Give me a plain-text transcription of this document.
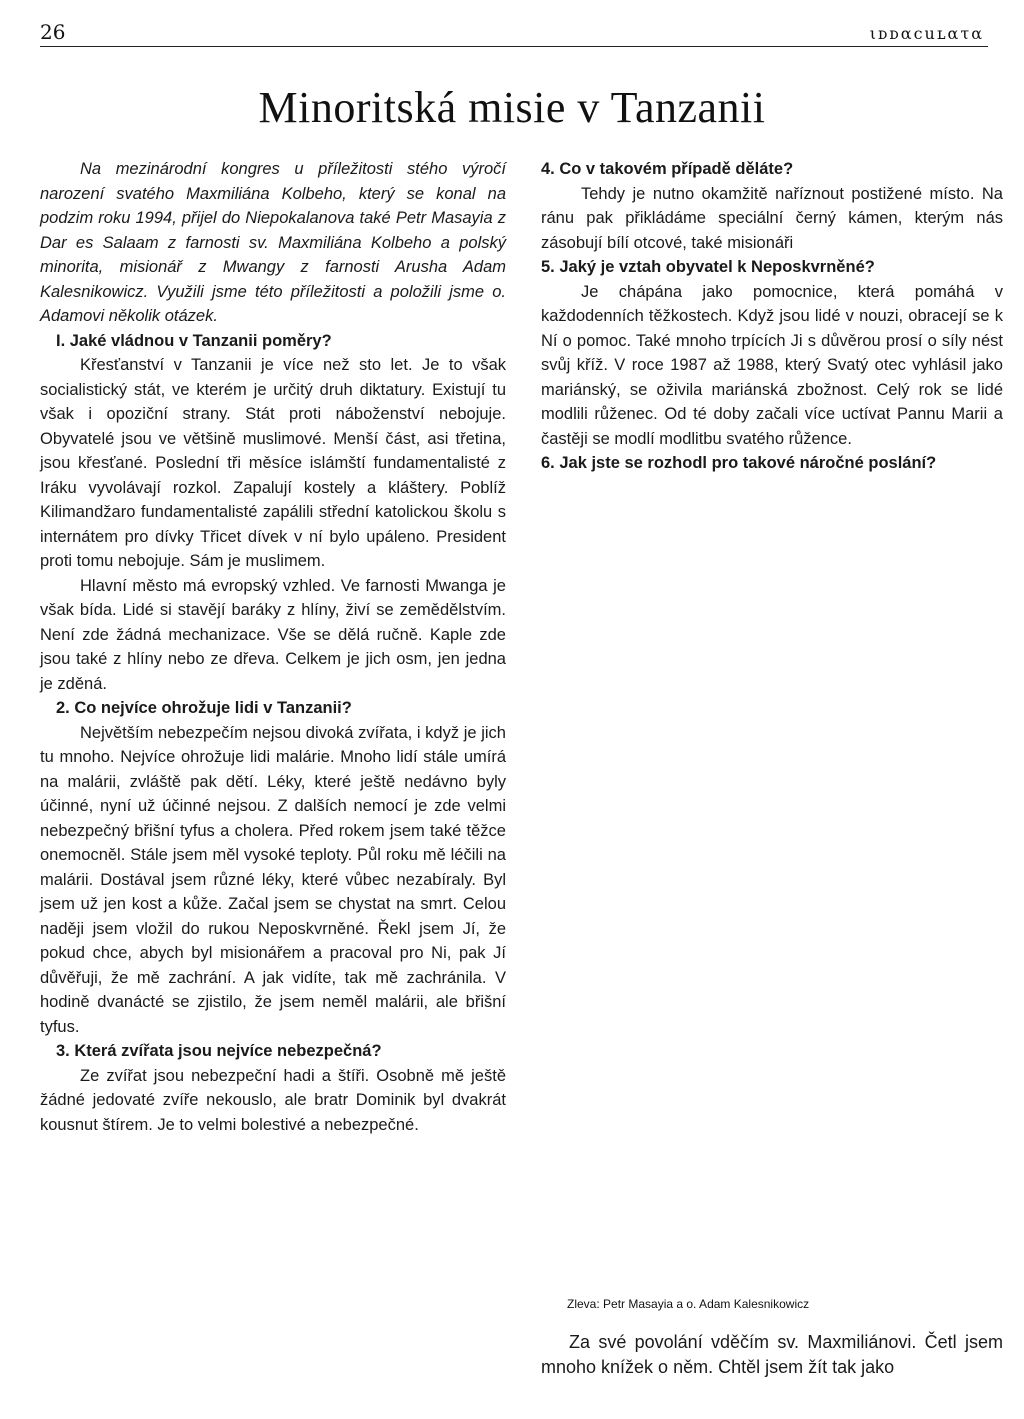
26	ιᴅᴅαcuʟατα
Minoritská misie v Tanzanii

Na mezinárodní kongres u příležitosti stého výročí narození svatého Maxmiliána Kolbeho, který se konal na podzim roku 1994, přijel do Niepokalanova také Petr Masayia z Dar es Salaam z farnosti sv. Maxmiliána Kolbeho a polský minorita, misionář z Mwangy z farnosti Arusha Adam Kalesnikowicz. Využili jsme této příležitosti a položili jsme o. Adamovi několik otázek.

I. Jaké vládnou v Tanzanii poměry?

Křesťanství v Tanzanii je více než sto let. Je to však socialistický stát, ve kterém je určitý druh diktatury. Existují tu však i opoziční strany. Stát proti náboženství nebojuje. Obyvatelé jsou ve většině muslimové. Menší část, asi třetina, jsou křesťané. Poslední tři měsíce islámští fundamentalisté z Iráku vyvolávají rozkol. Zapalují kostely a kláštery. Poblíž Kilimandžaro fundamentalisté zapálili střední katolickou školu s internátem pro dívky Třicet dívek v ní bylo upáleno. President proti tomu nebojuje. Sám je muslimem.

Hlavní město má evropský vzhled. Ve farnosti Mwanga je však bída. Lidé si stavějí baráky z hlíny, živí se zemědělstvím. Není zde žádná mechanizace. Vše se dělá ručně. Kaple zde jsou také z hlíny nebo ze dřeva. Celkem je jich osm, jen jedna je zděná.

2. Co nejvíce ohrožuje lidi v Tanzanii?

Největším nebezpečím nejsou divoká zvířata, i když je jich tu mnoho. Nejvíce ohrožuje lidi malárie. Mnoho lidí stále umírá na malárii, zvláště pak dětí. Léky, které ještě nedávno byly účinné, nyní už účinné nejsou. Z dalších nemocí je zde velmi nebezpečný břišní tyfus a cholera. Před rokem jsem také těžce onemocněl. Stále jsem měl vysoké teploty. Půl roku mě léčili na malárii. Dostával jsem různé léky, které vůbec nezabíraly. Byl jsem už jen kost a kůže. Začal jsem se chystat na smrt. Celou naději jsem vložil do rukou Neposkvrněné. Řekl jsem Jí, že pokud chce, abych byl misionářem a pracoval pro Ni, pak Jí důvěřuji, že mě zachrání. A jak vidíte, tak mě zachránila. V hodině dvanácté se zjistilo, že jsem neměl malárii, ale břišní tyfus.

3. Která zvířata jsou nejvíce nebezpečná?

Ze zvířat jsou nebezpeční hadi a štíři. Osobně mě ještě žádné jedovaté zvíře nekouslo, ale bratr Dominik byl dvakrát kousnut štírem. Je to velmi bolestivé a nebezpečné.

4. Co v takovém případě děláte?

Tehdy je nutno okamžitě naříznout postižené místo. Na ránu pak přikládáme speciální černý kámen, kterým nás zásobují bílí otcové, také misionáři

5. Jaký je vztah obyvatel k Neposkvrněné?

Je chápána jako pomocnice, která pomáhá v každodenních těžkostech. Když jsou lidé v nouzi, obracejí se k Ní o pomoc. Také mnoho trpících Ji s důvěrou prosí o síly nést svůj kříž. V roce 1987 až 1988, který Svatý otec vyhlásil jako mariánský, se oživila mariánská zbožnost. Celý rok se lidé modlili růženec. Od té doby začali více uctívat Pannu Marii a častěji se modlí modlitbu svatého růžence.

6. Jak jste se rozhodl pro takové náročné poslání?

Zleva: Petr Masayia a o. Adam Kalesnikowicz

Za své povolání vděčím sv. Maxmiliánovi. Četl jsem mnoho knížek o něm. Chtěl jsem žít tak jako
